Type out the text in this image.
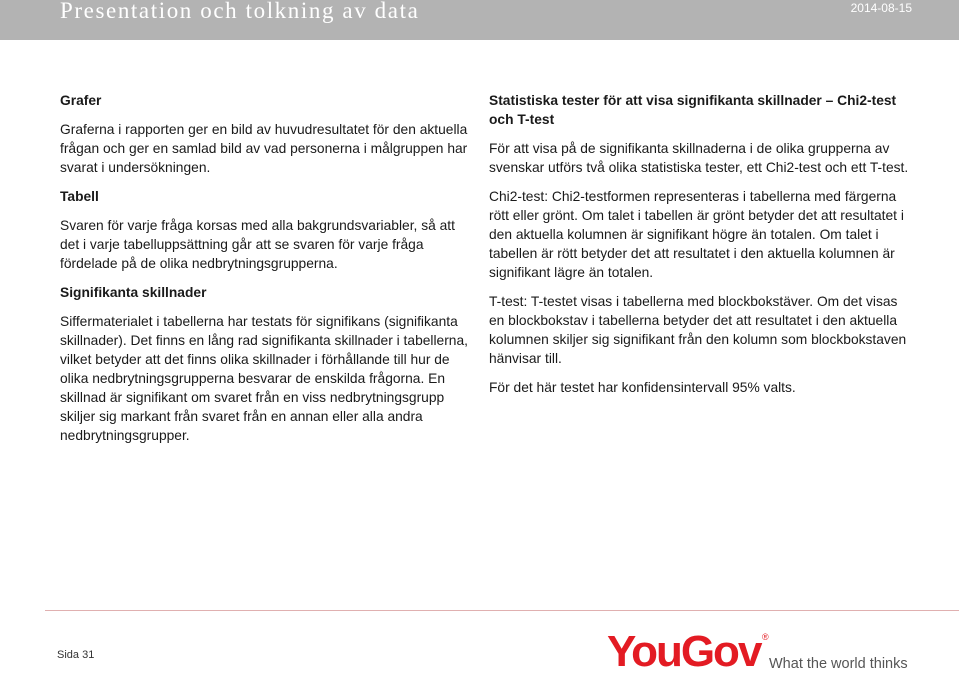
Presentation och tolkning av data	2014-08-15
Grafer

Graferna i rapporten ger en bild av huvudresultatet för den aktuella frågan och ger en samlad bild av vad personerna i målgruppen har svarat i undersökningen.

Tabell

Svaren för varje fråga korsas med alla bakgrundsvariabler, så att det i varje tabelluppsättning går att se svaren för varje fråga fördelade på de olika nedbrytningsgrupperna.

Signifikanta skillnader

Siffermaterialet i tabellerna har testats för signifikans (signifikanta skillnader). Det finns en lång rad signifikanta skillnader i tabellerna, vilket betyder att det finns olika skillnader i förhållande till hur de olika nedbrytningsgrupperna besvarar de enskilda frågorna. En skillnad är signifikant om svaret från en viss nedbrytningsgrupp skiljer sig markant från svaret från en annan eller alla andra nedbrytningsgrupper.

Statistiska tester för att visa signifikanta skillnader – Chi2-test och T-test

För att visa på de signifikanta skillnaderna i de olika grupperna av svenskar utförs två olika statistiska tester, ett Chi2-test och ett T-test.

Chi2-test: Chi2-testformen representeras i tabellerna med färgerna rött eller grönt. Om talet i tabellen är grönt betyder det att resultatet i den aktuella kolumnen är signifikant högre än totalen. Om talet i tabellen är rött betyder det att resultatet i den aktuella kolumnen är signifikant lägre än totalen.

T-test: T-testet visas i tabellerna med blockbokstäver. Om det visas en blockbokstav i tabellerna betyder det att resultatet i den aktuella kolumnen skiljer sig signifikant från den kolumn som blockbokstaven hänvisar till.

För det här testet har konfidensintervall 95% valts.

Sida 31	YouGov ®
What the world thinks
